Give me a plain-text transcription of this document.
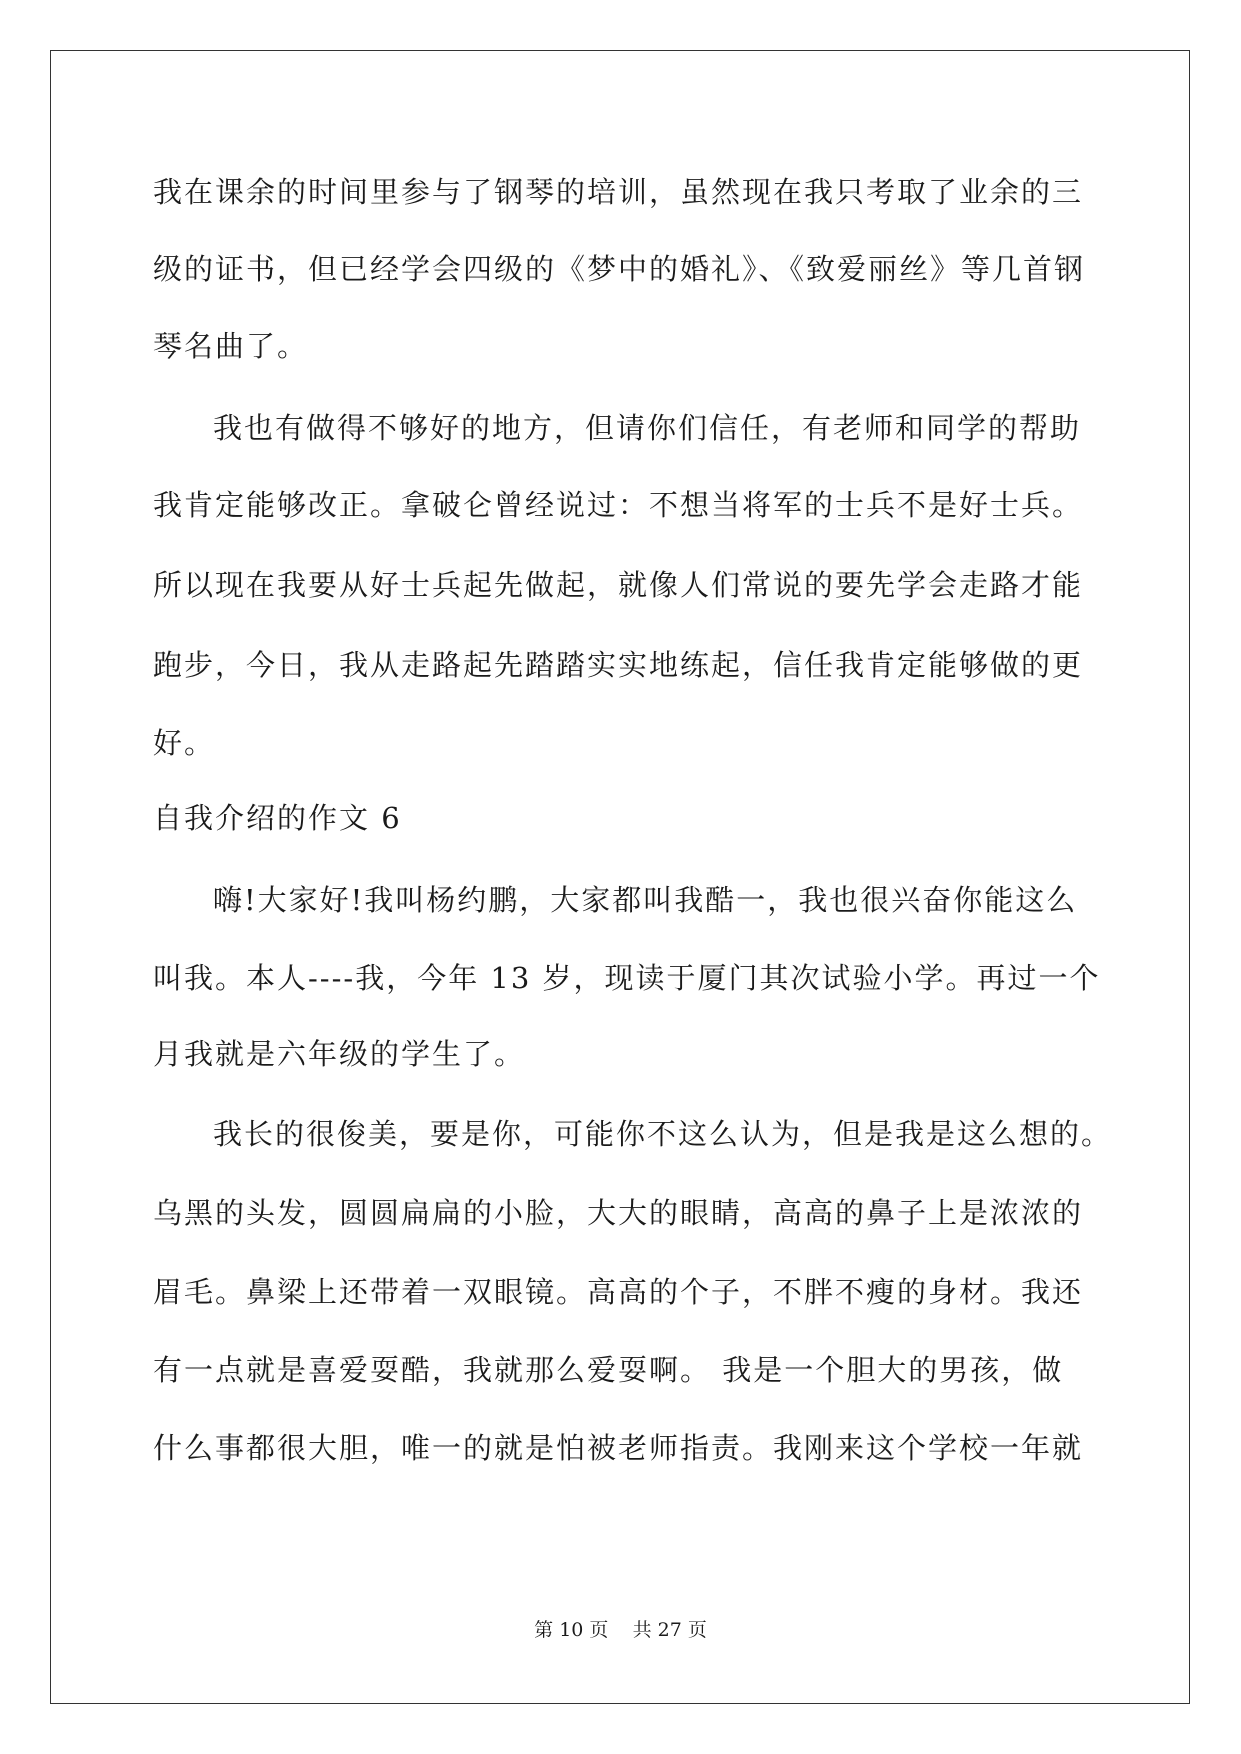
我在课余的时间里参与了钢琴的培训，虽然现在我只考取了业余的三
级的证书，但已经学会四级的《梦中的婚礼》、《致爱丽丝》等几首钢
琴名曲了。
我也有做得不够好的地方，但请你们信任，有老师和同学的帮助
我肯定能够改正。拿破仑曾经说过：不想当将军的士兵不是好士兵。
所以现在我要从好士兵起先做起，就像人们常说的要先学会走路才能
跑步，今日，我从走路起先踏踏实实地练起，信任我肯定能够做的更
好。
自我介绍的作文 6
嗨!大家好!我叫杨约鹏，大家都叫我酷一，我也很兴奋你能这么
叫我。本人----我，今年 13 岁，现读于厦门其次试验小学。再过一个
月我就是六年级的学生了。
我长的很俊美，要是你，可能你不这么认为，但是我是这么想的。
乌黑的头发，圆圆扁扁的小脸，大大的眼睛，高高的鼻子上是浓浓的
眉毛。鼻梁上还带着一双眼镜。高高的个子，不胖不瘦的身材。我还
有一点就是喜爱耍酷，我就那么爱耍啊。 我是一个胆大的男孩，做
什么事都很大胆，唯一的就是怕被老师指责。我刚来这个学校一年就
第 10 页    共 27 页
